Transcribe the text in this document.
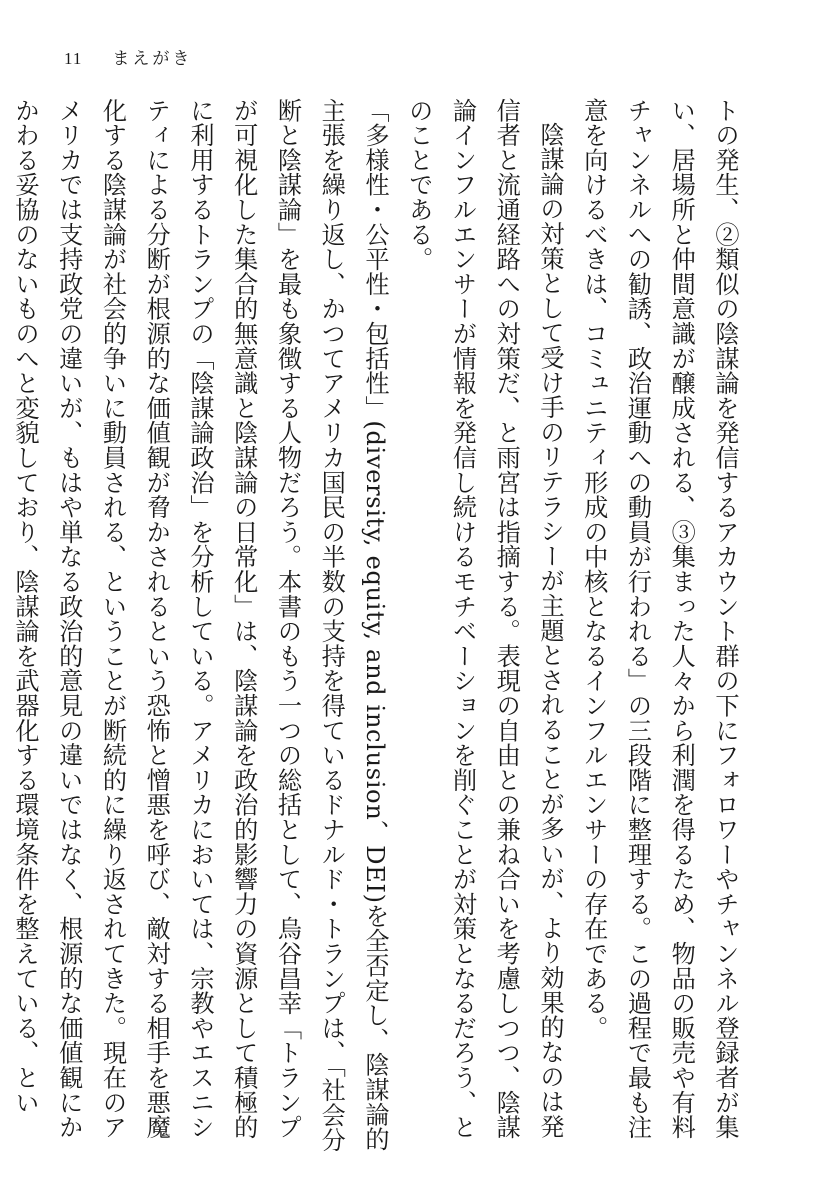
11 まえがき

トの発生、②類似の陰謀論を発信するアカウント群の下にフォロワーやチャンネル登録者が集い、居場所と仲間意識が醸成される、③集まった人々から利潤を得るため、物品の販売や有料チャンネルへの勧誘、政治運動への動員が行われる」の三段階に整理する。この過程で最も注意を向けるべきは、コミュニティ形成の中核となるインフルエンサーの存在である。

陰謀論の対策として受け手のリテラシーが主題とされることが多いが、より効果的なのは発信者と流通経路への対策だ、と雨宮は指摘する。表現の自由との兼ね合いを考慮しつつ、陰謀論インフルエンサーが情報を発信し続けるモチベーションを削ぐことが対策となるだろう、とのことである。

「多様性・公平性・包括性」(diversity, equity, and inclusion、DEI)を全否定し、陰謀論的主張を繰り返し、かつてアメリカ国民の半数の支持を得ているドナルド・トランプは、「社会分断と陰謀論」を最も象徴する人物だろう。本書のもう一つの総括として、烏谷昌幸「トランプが可視化した集合的無意識と陰謀論の日常化」は、陰謀論を政治的影響力の資源として積極的に利用するトランプの「陰謀論政治」を分析している。アメリカにおいては、宗教やエスニシティによる分断が根源的な価値観が脅かされるという恐怖と憎悪を呼び、敵対する相手を悪魔化する陰謀論が社会的争いに動員される、ということが断続的に繰り返されてきた。現在のアメリカでは支持政党の違いが、もはや単なる政治的意見の違いではなく、根源的な価値観にかかわる妥協のないものへと変貌しており、陰謀論を武器化する環境条件を整えている、とい
